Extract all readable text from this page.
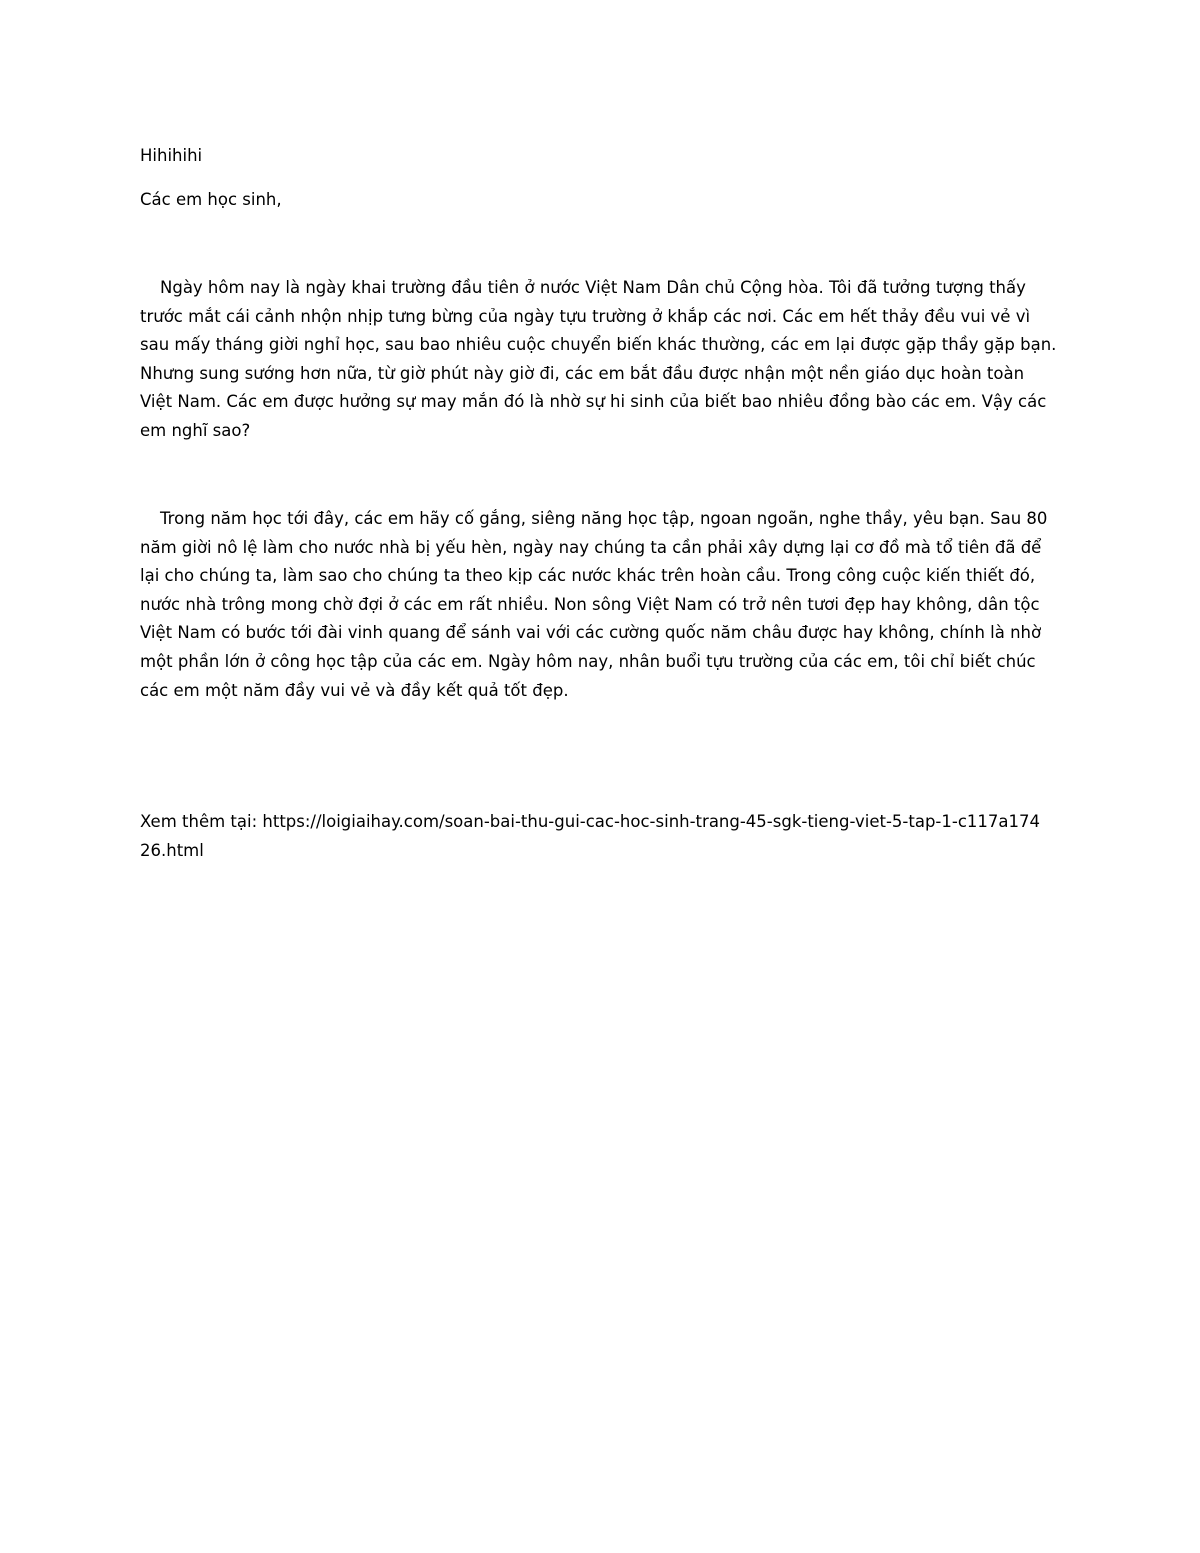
Hihihihi

Các em học sinh,

Ngày hôm nay là ngày khai trường đầu tiên ở nước Việt Nam Dân chủ Cộng hòa. Tôi đã tưởng tượng thấy trước mắt cái cảnh nhộn nhịp tưng bừng của ngày tựu trường ở khắp các nơi. Các em hết thảy đều vui vẻ vì sau mấy tháng giời nghỉ học, sau bao nhiêu cuộc chuyển biến khác thường, các em lại được gặp thầy gặp bạn. Nhưng sung sướng hơn nữa, từ giờ phút này giờ đi, các em bắt đầu được nhận một nền giáo dục hoàn toàn Việt Nam. Các em được hưởng sự may mắn đó là nhờ sự hi sinh của biết bao nhiêu đồng bào các em. Vậy các em nghĩ sao?

Trong năm học tới đây, các em hãy cố gắng, siêng năng học tập, ngoan ngoãn, nghe thầy, yêu bạn. Sau 80 năm giời nô lệ làm cho nước nhà bị yếu hèn, ngày nay chúng ta cần phải xây dựng lại cơ đồ mà tổ tiên đã để lại cho chúng ta, làm sao cho chúng ta theo kịp các nước khác trên hoàn cầu. Trong công cuộc kiến thiết đó, nước nhà trông mong chờ đợi ở các em rất nhiều. Non sông Việt Nam có trở nên tươi đẹp hay không, dân tộc Việt Nam có bước tới đài vinh quang để sánh vai với các cường quốc năm châu được hay không, chính là nhờ một phần lớn ở công học tập của các em. Ngày hôm nay, nhân buổi tựu trường của các em, tôi chỉ biết chúc các em một năm đầy vui vẻ và đầy kết quả tốt đẹp.

Xem thêm tại: https://loigiaihay.com/soan-bai-thu-gui-cac-hoc-sinh-trang-45-sgk-tieng-viet-5-tap-1-c117a17426.html
